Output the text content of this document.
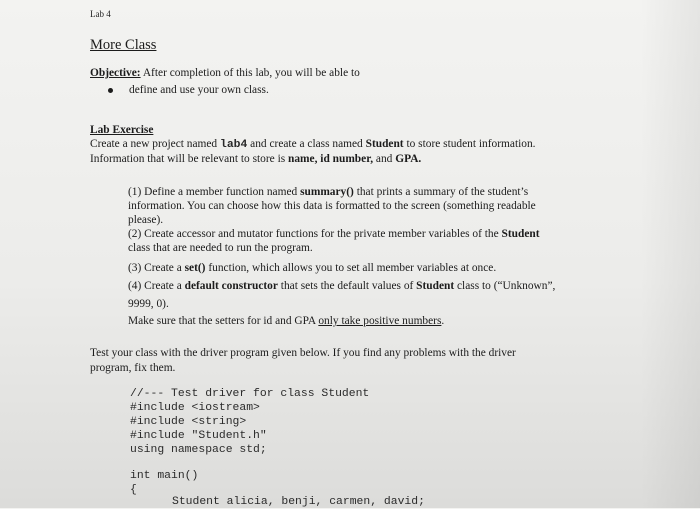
Lab 4
More Class
Objective: After completion of this lab, you will be able to
define and use your own class.
Lab Exercise
Create a new project named lab4 and create a class named Student to store student information.
Information that will be relevant to store is name, id number, and GPA.
(1) Define a member function named summary() that prints a summary of the student’s
information. You can choose how this data is formatted to the screen (something readable
please).
(2) Create accessor and mutator functions for the private member variables of the Student
class that are needed to run the program.
(3) Create a set() function, which allows you to set all member variables at once.
(4) Create a default constructor that sets the default values of Student class to (“Unknown”,
9999, 0).
Make sure that the setters for id and GPA only take positive numbers.
Test your class with the driver program given below. If you find any problems with the driver
program, fix them.
//--- Test driver for class Student
#include <iostream>
#include <string>
#include "Student.h"
using namespace std;
int main()
{
Student alicia, benji, carmen, david;
